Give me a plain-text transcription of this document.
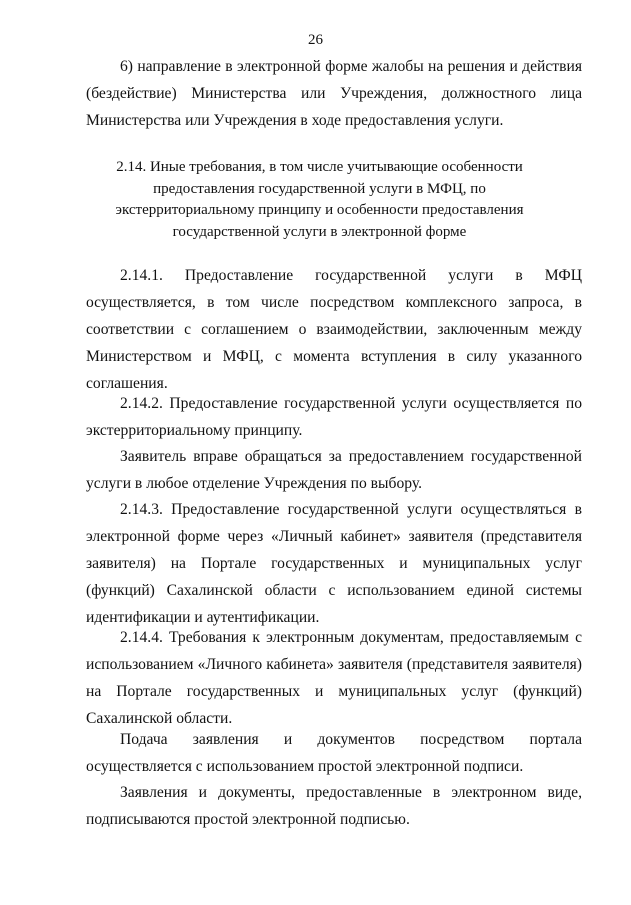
26

6) направление в электронной форме жалобы на решения и действия (бездействие) Министерства или Учреждения, должностного лица Министерства или Учреждения в ходе предоставления услуги.

2.14. Иные требования, в том числе учитывающие особенности предоставления государственной услуги в МФЦ, по экстерриториальному принципу и особенности предоставления государственной услуги в электронной форме

2.14.1. Предоставление государственной услуги в МФЦ осуществляется, в том числе посредством комплексного запроса, в соответствии с соглашением о взаимодействии, заключенным между Министерством и МФЦ, с момента вступления в силу указанного соглашения.

2.14.2. Предоставление государственной услуги осуществляется по экстерриториальному принципу.

Заявитель вправе обращаться за предоставлением государственной услуги в любое отделение Учреждения по выбору.

2.14.3. Предоставление государственной услуги осуществляться в электронной форме через «Личный кабинет» заявителя (представителя заявителя) на Портале государственных и муниципальных услуг (функций) Сахалинской области с использованием единой системы идентификации и аутентификации.

2.14.4. Требования к электронным документам, предоставляемым с использованием «Личного кабинета» заявителя (представителя заявителя) на Портале государственных и муниципальных услуг (функций) Сахалинской области.

Подача заявления и документов посредством портала осуществляется с использованием простой электронной подписи.

Заявления и документы, предоставленные в электронном виде, подписываются простой электронной подписью.
